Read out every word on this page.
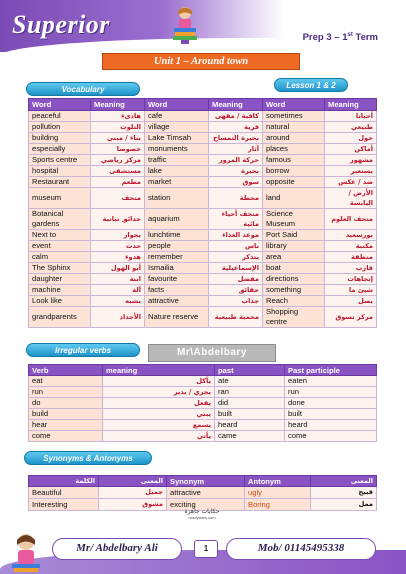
Superior	Prep 3 – 1st Term
Unit 1 – Around town
Vocabulary	Lesson 1 & 2
Word	Meaning	Word	Meaning	Word	Meaning
peaceful	هادىء	cafe	كافية / مقهى	sometimes	أحيانا
pollution	التلوث	village	قرية	natural	طبيعي
building	بناء / مبنى	Lake Timsah	بحيرة التمساح	around	حول
especially	خصوصا	monuments	آثار	places	أماكن
Sports centre	مركز رياضي	traffic	حركة المرور	famous	مشهور
hospital	مستشفى	lake	بحيرة	borrow	يستعير
Restaurant	مطعم	market	سوق	opposite	ضد / عكس
museum	متحف	station	محطة	land	الأرض / اليابسة
Botanical gardens	حدائق نباتية	aquarium	متحف أحياء مائية	Science Museum	متحف العلوم
Next to	بجوار	lunchtime	موعد الغذاء	Port Said	بورسعيد
event	حدث	people	ناس	library	مكتبة
calm	هدوء	remember	يتذكر	area	منطقة
The Sphinx	أبو الهول	Ismailia	الإسماعيلية	boat	قارب
daughter	ابنة	favourite	مفضل	directions	إتجاهات
machine	آلة	facts	حقائق	something	شيئ ما
Look like	يشبه	attractive	جذاب	Reach	يصل
grandparents	الأجداد	Nature reserve	محمية طبيعية	Shopping centre	مركز تسوق
Irregular verbs	Mr\Abdelbary
Verb	meaning	past	Past participle
eat	يأكل	ate	eaten
run	يجري / يدير	ran	run
do	يفعل	did	done
build	يبني	built	built
hear	يسمع	heard	heard
come	يأتي	came	come
Synonyms & Antonyms
الكلمة	المعنى	Synonym	Antonym	المعنى
Beautiful	جميل	attractive	ugly	قبيح
Interesting	مشوق	exciting	Boring	ممل
حكايات جاهزة
readytales.com
Mr/ Abdelbary Ali	1	Mob/ 01145495338
